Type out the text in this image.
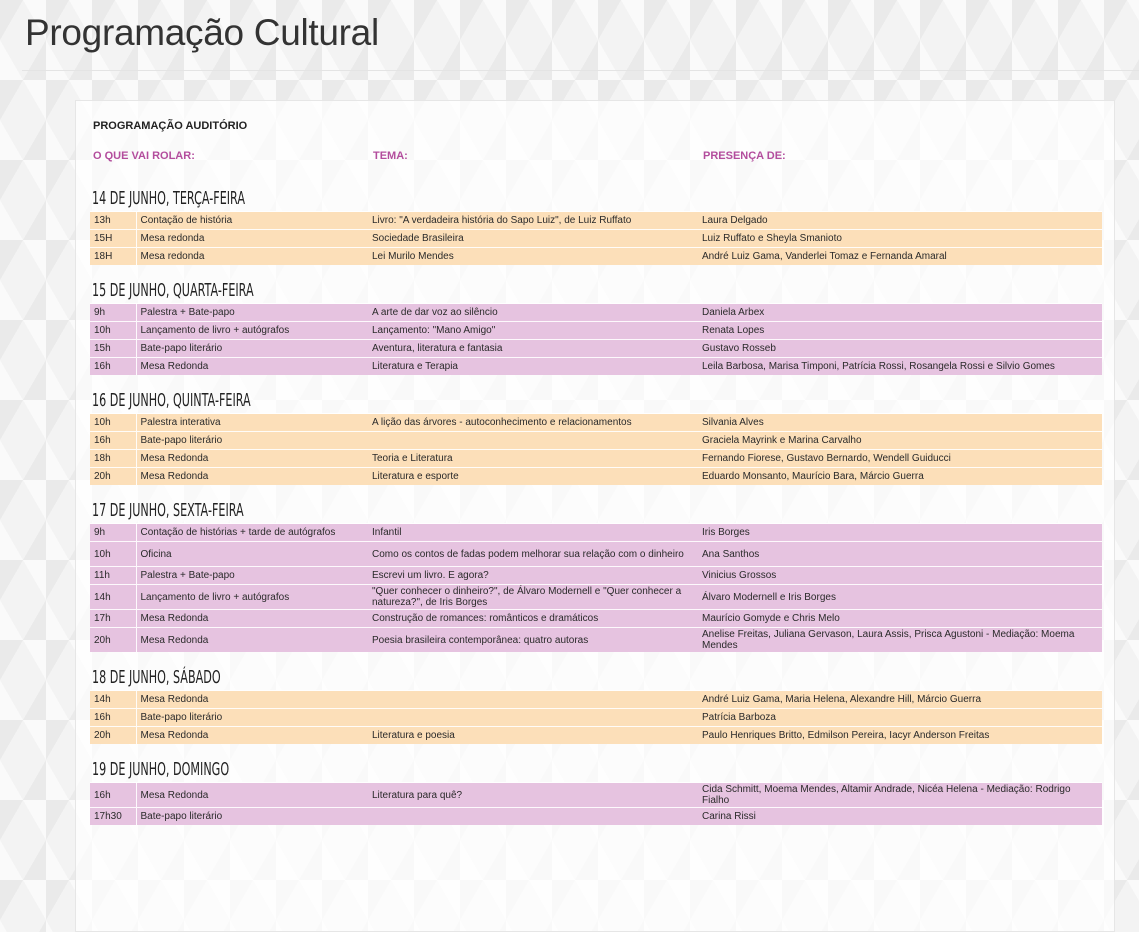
Programação Cultural
PROGRAMAÇÃO AUDITÓRIO
O QUE VAI ROLAR:	TEMA:	PRESENÇA DE:
14 DE JUNHO, TERÇA-FEIRA
13h	Contação de história	Livro: "A verdadeira história do Sapo Luiz", de Luiz Ruffato	Laura Delgado
15H	Mesa redonda	Sociedade Brasileira	Luiz Ruffato e Sheyla Smanioto
18H	Mesa redonda	Lei Murilo Mendes	André Luiz Gama, Vanderlei Tomaz e Fernanda Amaral
15 DE JUNHO, QUARTA-FEIRA
9h	Palestra + Bate-papo	A arte de dar voz ao silêncio	Daniela Arbex
10h	Lançamento de livro + autógrafos	Lançamento: "Mano Amigo"	Renata Lopes
15h	Bate-papo literário	Aventura, literatura e fantasia	Gustavo Rosseb
16h	Mesa Redonda	Literatura e Terapia	Leila Barbosa, Marisa Timponi, Patrícia Rossi, Rosangela Rossi e Silvio Gomes
16 DE JUNHO, QUINTA-FEIRA
10h	Palestra interativa	A lição das árvores - autoconhecimento e relacionamentos	Silvania Alves
16h	Bate-papo literário		Graciela Mayrink e Marina Carvalho
18h	Mesa Redonda	Teoria e Literatura	Fernando Fiorese, Gustavo Bernardo, Wendell Guiducci
20h	Mesa Redonda	Literatura e esporte	Eduardo Monsanto, Maurício Bara, Márcio Guerra
17 DE JUNHO, SEXTA-FEIRA
9h	Contação de histórias + tarde de autógrafos	Infantil	Iris Borges
10h	Oficina	Como os contos de fadas podem melhorar sua relação com o dinheiro	Ana Santhos
11h	Palestra + Bate-papo	Escrevi um livro. E agora?	Vinicius Grossos
14h	Lançamento de livro + autógrafos	"Quer conhecer o dinheiro?", de Álvaro Modernell e "Quer conhecer a natureza?", de Iris Borges	Álvaro Modernell e Iris Borges
17h	Mesa Redonda	Construção de romances: românticos e dramáticos	Maurício Gomyde e Chris Melo
20h	Mesa Redonda	Poesia brasileira contemporânea: quatro autoras	Anelise Freitas, Juliana Gervason, Laura Assis, Prisca Agustoni - Mediação: Moema Mendes
18 DE JUNHO, SÁBADO
14h	Mesa Redonda		André Luiz Gama, Maria Helena, Alexandre Hill, Márcio Guerra
16h	Bate-papo literário		Patrícia Barboza
20h	Mesa Redonda	Literatura e poesia	Paulo Henriques Britto, Edmilson Pereira, Iacyr Anderson Freitas
19 DE JUNHO, DOMINGO
16h	Mesa Redonda	Literatura para quê?	Cida Schmitt, Moema Mendes, Altamir Andrade, Nicéa Helena - Mediação: Rodrigo Fialho
17h30	Bate-papo literário		Carina Rissi
